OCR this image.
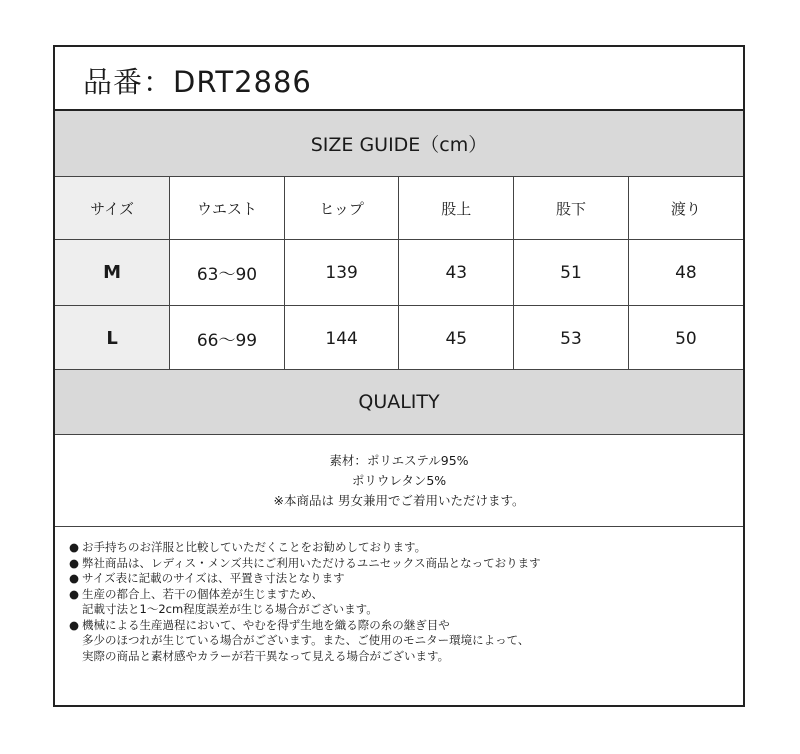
品番：DRT2886
SIZE GUIDE（cm）
サイズ	ウエスト	ヒップ	股上	股下	渡り
M	63〜90	139	43	51	48
L	66〜99	144	45	53	50
QUALITY
素材：ポリエステル95%
ポリウレタン5%
※本商品は 男女兼用でご着用いただけます。
● お手持ちのお洋服と比較していただくことをお勧めしております。
● 弊社商品は、レディス・メンズ共にご利用いただけるユニセックス商品となっております
● サイズ表に記載のサイズは、平置き寸法となります
● 生産の都合上、若干の個体差が生じますため、
記載寸法と1～2cm程度誤差が生じる場合がございます。
● 機械による生産過程において、やむを得ず生地を織る際の糸の継ぎ目や
多少のほつれが生じている場合がございます。また、ご使用のモニター環境によって、
実際の商品と素材感やカラーが若干異なって見える場合がございます。
